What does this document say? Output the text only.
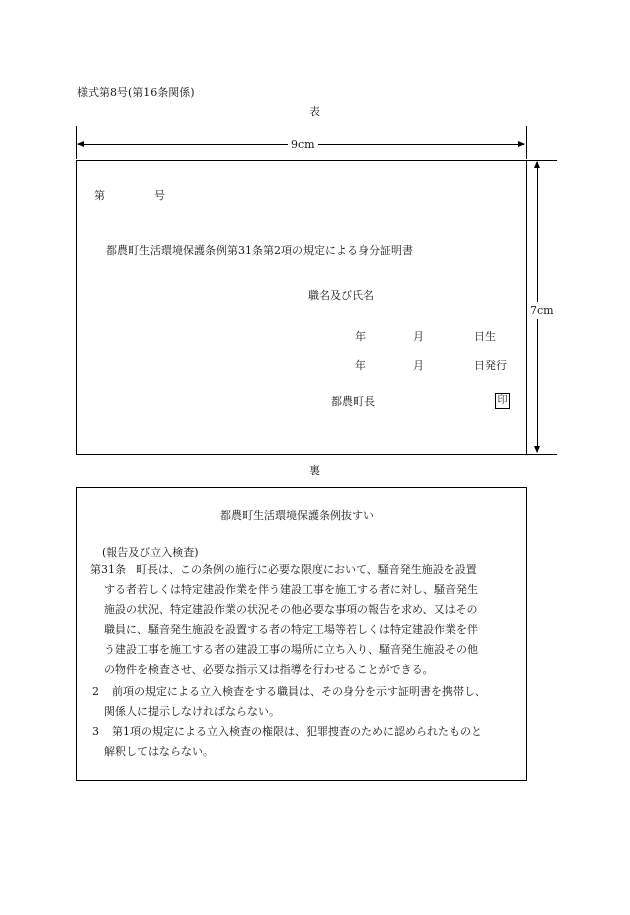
様式第8号(第16条関係)
表
9cm
7cm
第	号
都農町生活環境保護条例第31条第2項の規定による身分証明書
職名及び氏名
年	月	日生
年	月	日発行
都農町長	印
裏
都農町生活環境保護条例抜すい
(報告及び立入検査)
第31条 町長は、この条例の施行に必要な限度において、騒音発生施設を設置
する者若しくは特定建設作業を伴う建設工事を施工する者に対し、騒音発生
施設の状況、特定建設作業の状況その他必要な事項の報告を求め、又はその
職員に、騒音発生施設を設置する者の特定工場等若しくは特定建設作業を伴
う建設工事を施工する者の建設工事の場所に立ち入り、騒音発生施設その他
の物件を検査させ、必要な指示又は指導を行わせることができる。
2	前項の規定による立入検査をする職員は、その身分を示す証明書を携帯し、
関係人に提示しなければならない。
3	第1項の規定による立入検査の権限は、犯罪捜査のために認められたものと
解釈してはならない。
